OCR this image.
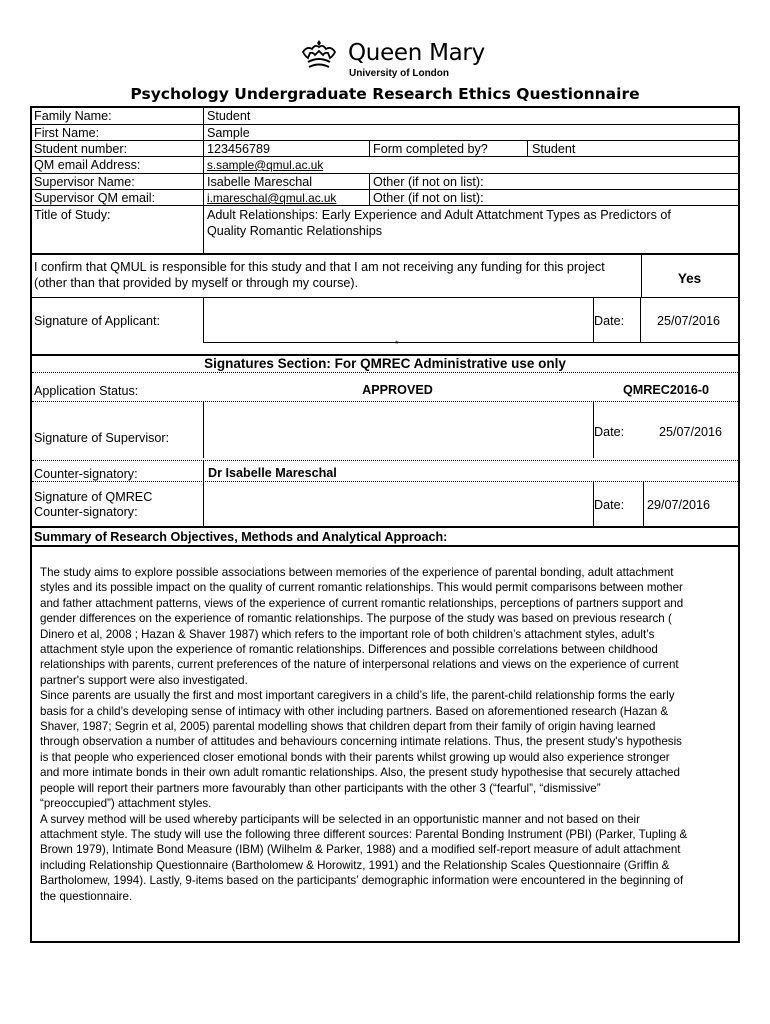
Queen Mary
University of London
Psychology Undergraduate Research Ethics Questionnaire
Family Name:	Student
First Name:	Sample
Student number:	123456789	Form completed by?	Student
QM email Address:	s.sample@qmul.ac.uk
Supervisor Name:	Isabelle Mareschal	Other (if not on list):
Supervisor QM email:	i.mareschal@qmul.ac.uk	Other (if not on list):
Title of Study:	Adult Relationships: Early Experience and Adult Attatchment Types as Predictors of
Quality Romantic Relationships
I confirm that QMUL is responsible for this study and that I am not receiving any funding for this project
(other than that provided by myself or through my course).	Yes
Signature of Applicant:	Date:	25/07/2016
*
Signatures Section: For QMREC Administrative use only
Application Status:	APPROVED	QMREC2016-0
Signature of Supervisor:	Date:	25/07/2016
Counter-signatory:	Dr Isabelle Mareschal
Signature of QMREC
Counter-signatory:	Date: 29/07/2016
Summary of Research Objectives, Methods and Analytical Approach:
The study aims to explore possible associations between memories of the experience of parental bonding, adult attachment
styles and its possible impact on the quality of current romantic relationships. This would permit comparisons between mother
and father attachment patterns, views of the experience of current romantic relationships, perceptions of partners support and
gender differences on the experience of romantic relationships. The purpose of the study was based on previous research (
Dinero et al, 2008 ; Hazan & Shaver 1987) which refers to the important role of both children’s attachment styles, adult’s
attachment style upon the experience of romantic relationships. Differences and possible correlations between childhood
relationships with parents, current preferences of the nature of interpersonal relations and views on the experience of current
partner's support were also investigated.
Since parents are usually the first and most important caregivers in a child’s life, the parent-child relationship forms the early
basis for a child’s developing sense of intimacy with other including partners. Based on aforementioned research (Hazan &
Shaver, 1987; Segrin et al, 2005) parental modelling shows that children depart from their family of origin having learned
through observation a number of attitudes and behaviours concerning intimate relations. Thus, the present study's hypothesis
is that people who experienced closer emotional bonds with their parents whilst growing up would also experience stronger
and more intimate bonds in their own adult romantic relationships. Also, the present study hypothesise that securely attached
people will report their partners more favourably than other participants with the other 3 (“fearful”, “dismissive”
“preoccupied”) attachment styles.
A survey method will be used whereby participants will be selected in an opportunistic manner and not based on their
attachment style. The study will use the following three different sources: Parental Bonding Instrument (PBI) (Parker, Tupling &
Brown 1979), Intimate Bond Measure (IBM) (Wilhelm & Parker, 1988) and a modified self-report measure of adult attachment
including Relationship Questionnaire (Bartholomew & Horowitz, 1991) and the Relationship Scales Questionnaire (Griffin &
Bartholomew, 1994). Lastly, 9-items based on the participants’ demographic information were encountered in the beginning of
the questionnaire.
